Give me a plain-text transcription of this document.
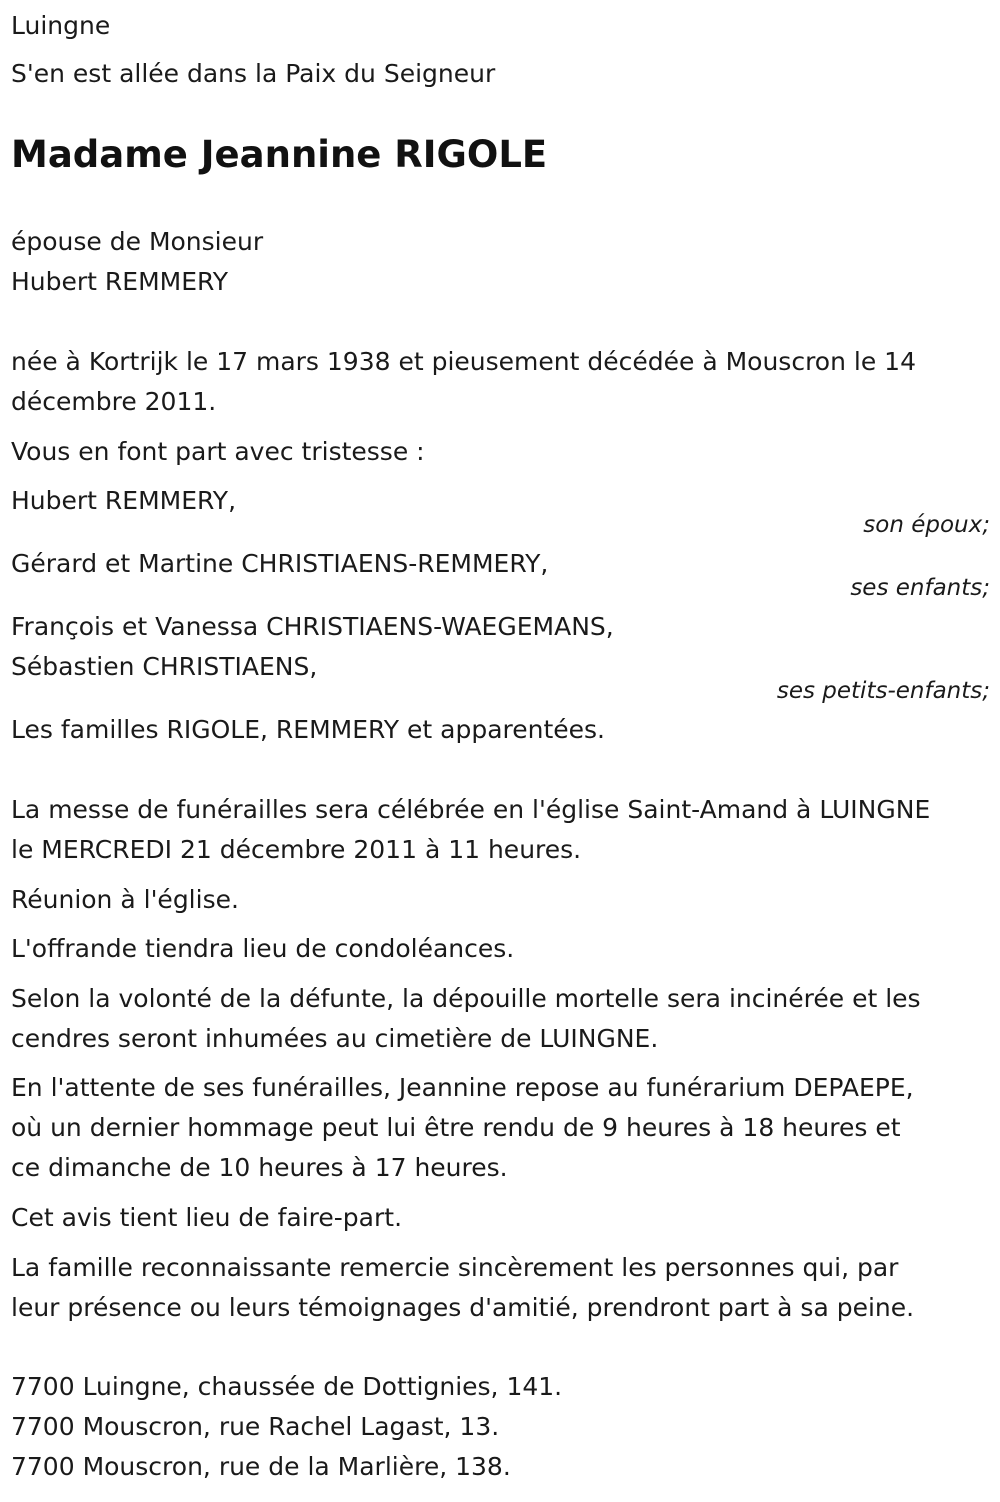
Luingne
S'en est allée dans la Paix du Seigneur
Madame Jeannine RIGOLE
épouse de Monsieur
Hubert REMMERY
née à Kortrijk le 17 mars 1938 et pieusement décédée à Mouscron le 14
décembre 2011.
Vous en font part avec tristesse :
Hubert REMMERY,
son époux;
Gérard et Martine CHRISTIAENS-REMMERY,
ses enfants;
François et Vanessa CHRISTIAENS-WAEGEMANS,
Sébastien CHRISTIAENS,
ses petits-enfants;
Les familles RIGOLE, REMMERY et apparentées.
La messe de funérailles sera célébrée en l'église Saint-Amand à LUINGNE
le MERCREDI 21 décembre 2011 à 11 heures.
Réunion à l'église.
L'offrande tiendra lieu de condoléances.
Selon la volonté de la défunte, la dépouille mortelle sera incinérée et les
cendres seront inhumées au cimetière de LUINGNE.
En l'attente de ses funérailles, Jeannine repose au funérarium DEPAEPE,
où un dernier hommage peut lui être rendu de 9 heures à 18 heures et
ce dimanche de 10 heures à 17 heures.
Cet avis tient lieu de faire-part.
La famille reconnaissante remercie sincèrement les personnes qui, par
leur présence ou leurs témoignages d'amitié, prendront part à sa peine.
7700 Luingne, chaussée de Dottignies, 141.
7700 Mouscron, rue Rachel Lagast, 13.
7700 Mouscron, rue de la Marlière, 138.
